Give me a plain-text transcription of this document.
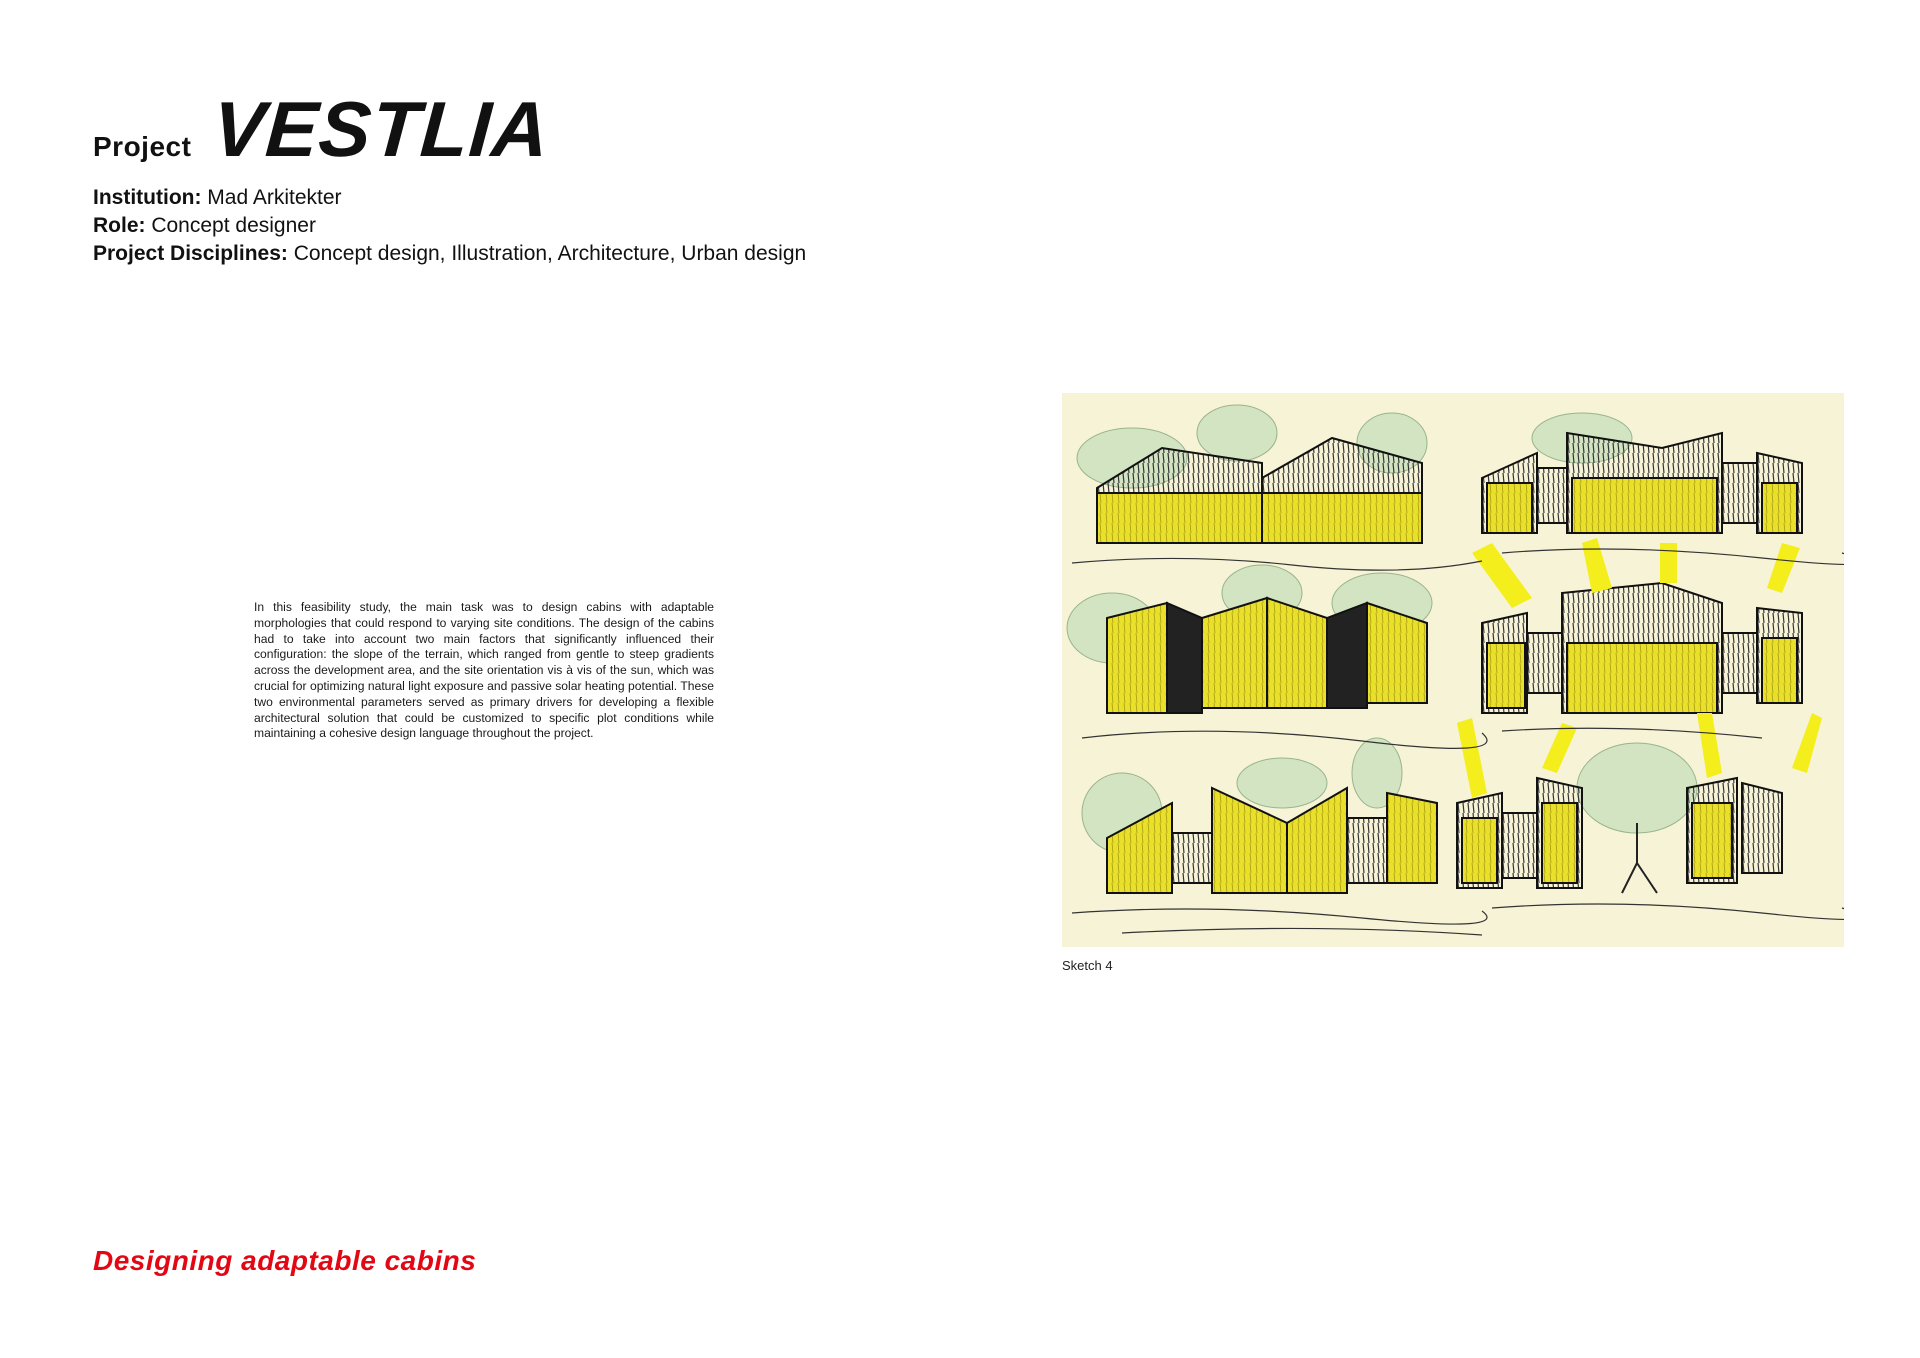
Project VESTLIA
Institution: Mad Arkitekter
Role: Concept designer
Project Disciplines: Concept design, Illustration, Architecture, Urban design

In this feasibility study, the main task was to design cabins with adaptable morphologies that could respond to varying site conditions. The design of the cabins had to take into account two main factors that significantly influenced their configuration: the slope of the terrain, which ranged from gentle to steep gradients across the development area, and the site orientation vis à vis of the sun, which was crucial for optimizing natural light exposure and passive solar heating potential. These two environmental parameters served as primary drivers for developing a flexible architectural solution that could be customized to specific plot conditions while maintaining a cohesive design language throughout the project.

Sketch 4
Designing adaptable cabins
